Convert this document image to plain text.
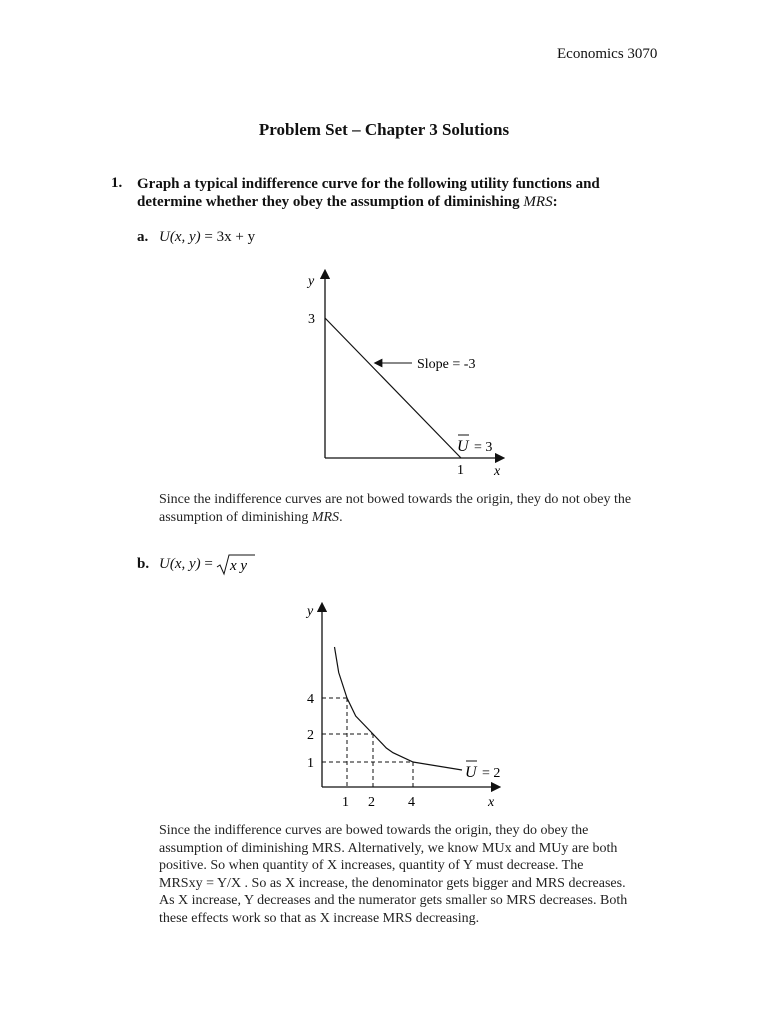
Economics 3070
Problem Set – Chapter 3 Solutions
1. Graph a typical indifference curve for the following utility functions and
determine whether they obey the assumption of diminishing MRS:
a. U(x, y) = 3x + y
y
3
1 x
Slope = -3
U = 3
Since the indifference curves are not bowed towards the origin, they do not obey the
assumption of diminishing MRS.
b. U(x, y) = x y
y
4
2
1
1 2 4	x
U = 2
Since the indifference curves are bowed towards the origin, they do obey the
assumption of diminishing MRS. Alternatively, we know MUx and MUy are both
positive. So when quantity of X increases, quantity of Y must decrease. The
MRSxy = Y/X . So as X increase, the denominator gets bigger and MRS decreases.
As X increase, Y decreases and the numerator gets smaller so MRS decreases. Both
these effects work so that as X increase MRS decreasing.
